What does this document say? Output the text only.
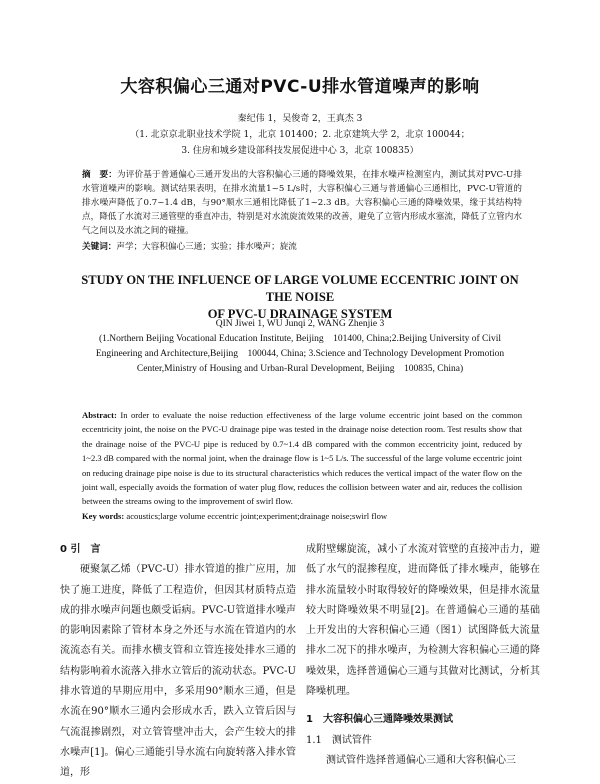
大容积偏心三通对PVC-U排水管道噪声的影响
秦纪伟 1，吴俊奇 2，王真杰 3
（1. 北京京北职业技术学院 1，北京 101400；2. 北京建筑大学 2，北京 100044；
3. 住房和城乡建设部科技发展促进中心 3，北京 100835）
摘　要：为评价基于普通偏心三通开发出的大容积偏心三通的降噪效果，在排水噪声检测室内，测试其对PVC-U排水管道噪声的影响。测试结果表明，在排水流量1~5 L/s时，大容积偏心三通与普通偏心三通相比，PVC-U管道的排水噪声降低了0.7~1.4 dB，与90°顺水三通相比降低了1~2.3 dB。大容积偏心三通的降噪效果，缘于其结构特点，降低了水流对三通管壁的垂直冲击，特别是对水流旋流效果的改善，避免了立管内形成水塞流，降低了立管内水气之间以及水流之间的碰撞。
关键词：声学；大容积偏心三通；实验；排水噪声；旋流
STUDY ON THE INFLUENCE OF LARGE VOLUME ECCENTRIC JOINT ON THE NOISE
OF PVC-U DRAINAGE SYSTEM
QIN Jiwei 1, WU Junqi 2, WANG Zhenjie 3
(1.Northern Beijing Vocational Education Institute, Beijing　101400, China;2.Beijing University of Civil
Engineering and Architecture,Beijing　100044, China; 3.Science and Technology Development Promotion
Center,Ministry of Housing and Urban-Rural Development, Beijing　100835, China)
Abstract: In order to evaluate the noise reduction effectiveness of the large volume eccentric joint based on the common eccentricity joint, the noise on the PVC-U drainage pipe was tested in the drainage noise detection room. Test results show that the drainage noise of the PVC-U pipe is reduced by 0.7~1.4 dB compared with the common eccentricity joint, reduced by 1~2.3 dB compared with the normal joint, when the drainage flow is 1~5 L/s. The successful of the large volume eccentric joint on reducing drainage pipe noise is due to its structural characteristics which reduces the vertical impact of the water flow on the joint wall, especially avoids the formation of water plug flow, reduces the collision between water and air, reduces the collision between the streams owing to the improvement of swirl flow.
Key words: acoustics;large volume eccentric joint;experiment;drainage noise;swirl flow

0 引　言

硬聚氯乙烯（PVC-U）排水管道的推广应用，加快了施工进度，降低了工程造价，但因其材质特点造成的排水噪声问题也颇受诟病。PVC-U管道排水噪声的影响因素除了管材本身之外还与水流在管道内的水流流态有关。而排水横支管和立管连接处排水三通的结构影响着水流落入排水立管后的流动状态。PVC-U排水管道的早期应用中，多采用90°顺水三通，但是水流在90°顺水三通内会形成水舌，跌入立管后因与气流混掺剧烈，对立管管壁冲击大，会产生较大的排水噪声[1]。偏心三通能引导水流右向旋转落入排水管道，形

成附壁螺旋流，减小了水流对管壁的直接冲击力，避低了水气的混掺程度，进而降低了排水噪声，能够在排水流量较小时取得较好的降噪效果，但是排水流量较大时降噪效果不明显[2]。在普通偏心三通的基础上开发出的大容积偏心三通（图1）试图降低大流量排水二况下的排水噪声，为检测大容积偏心三通的降噪效果，选择普通偏心三通与其做对比测试，分析其降噪机理。

1　大容积偏心三通降噪效果测试

1.1　测试管件

测试管件选择普通偏心三通和大容积偏心三
